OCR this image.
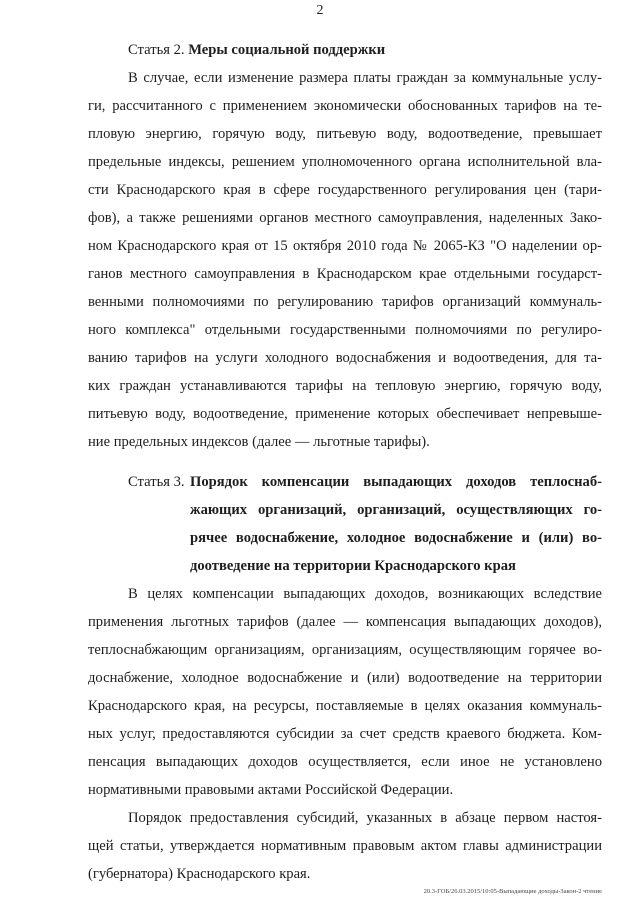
2
Статья 2. Меры социальной поддержки
В случае, если изменение размера платы граждан за коммунальные услу-
ги, рассчитанного с применением экономически обоснованных тарифов на те-
пловую энергию, горячую воду, питьевую воду, водоотведение, превышает
предельные индексы, решением уполномоченного органа исполнительной вла-
сти Краснодарского края в сфере государственного регулирования цен (тари-
фов), а также решениями органов местного самоуправления, наделенных Зако-
ном Краснодарского края от 15 октября 2010 года № 2065-КЗ "О наделении ор-
ганов местного самоуправления в Краснодарском крае отдельными государст-
венными полномочиями по регулированию тарифов организаций коммуналь-
ного комплекса" отдельными государственными полномочиями по регулиро-
ванию тарифов на услуги холодного водоснабжения и водоотведения, для та-
ких граждан устанавливаются тарифы на тепловую энергию, горячую воду,
питьевую воду, водоотведение, применение которых обеспечивает непревыше-
ние предельных индексов (далее — льготные тарифы).
Статья 3. Порядок компенсации выпадающих доходов теплоснаб-
жающих организаций, организаций, осуществляющих го-
рячее водоснабжение, холодное водоснабжение и (или) во-
доотведение на территории Краснодарского края
В целях компенсации выпадающих доходов, возникающих вследствие
применения льготных тарифов (далее — компенсация выпадающих доходов),
теплоснабжающим организациям, организациям, осуществляющим горячее во-
доснабжение, холодное водоснабжение и (или) водоотведение на территории
Краснодарского края, на ресурсы, поставляемые в целях оказания коммуналь-
ных услуг, предоставляются субсидии за счет средств краевого бюджета. Ком-
пенсация выпадающих доходов осуществляется, если иное не установлено
нормативными правовыми актами Российской Федерации.
Порядок предоставления субсидий, указанных в абзаце первом настоя-
щей статьи, утверждается нормативным правовым актом главы администрации
(губернатора) Краснодарского края.
20.3-ГОБ/26.03.2015/10:05-Выпадающие доходы-Закон-2 чтение
